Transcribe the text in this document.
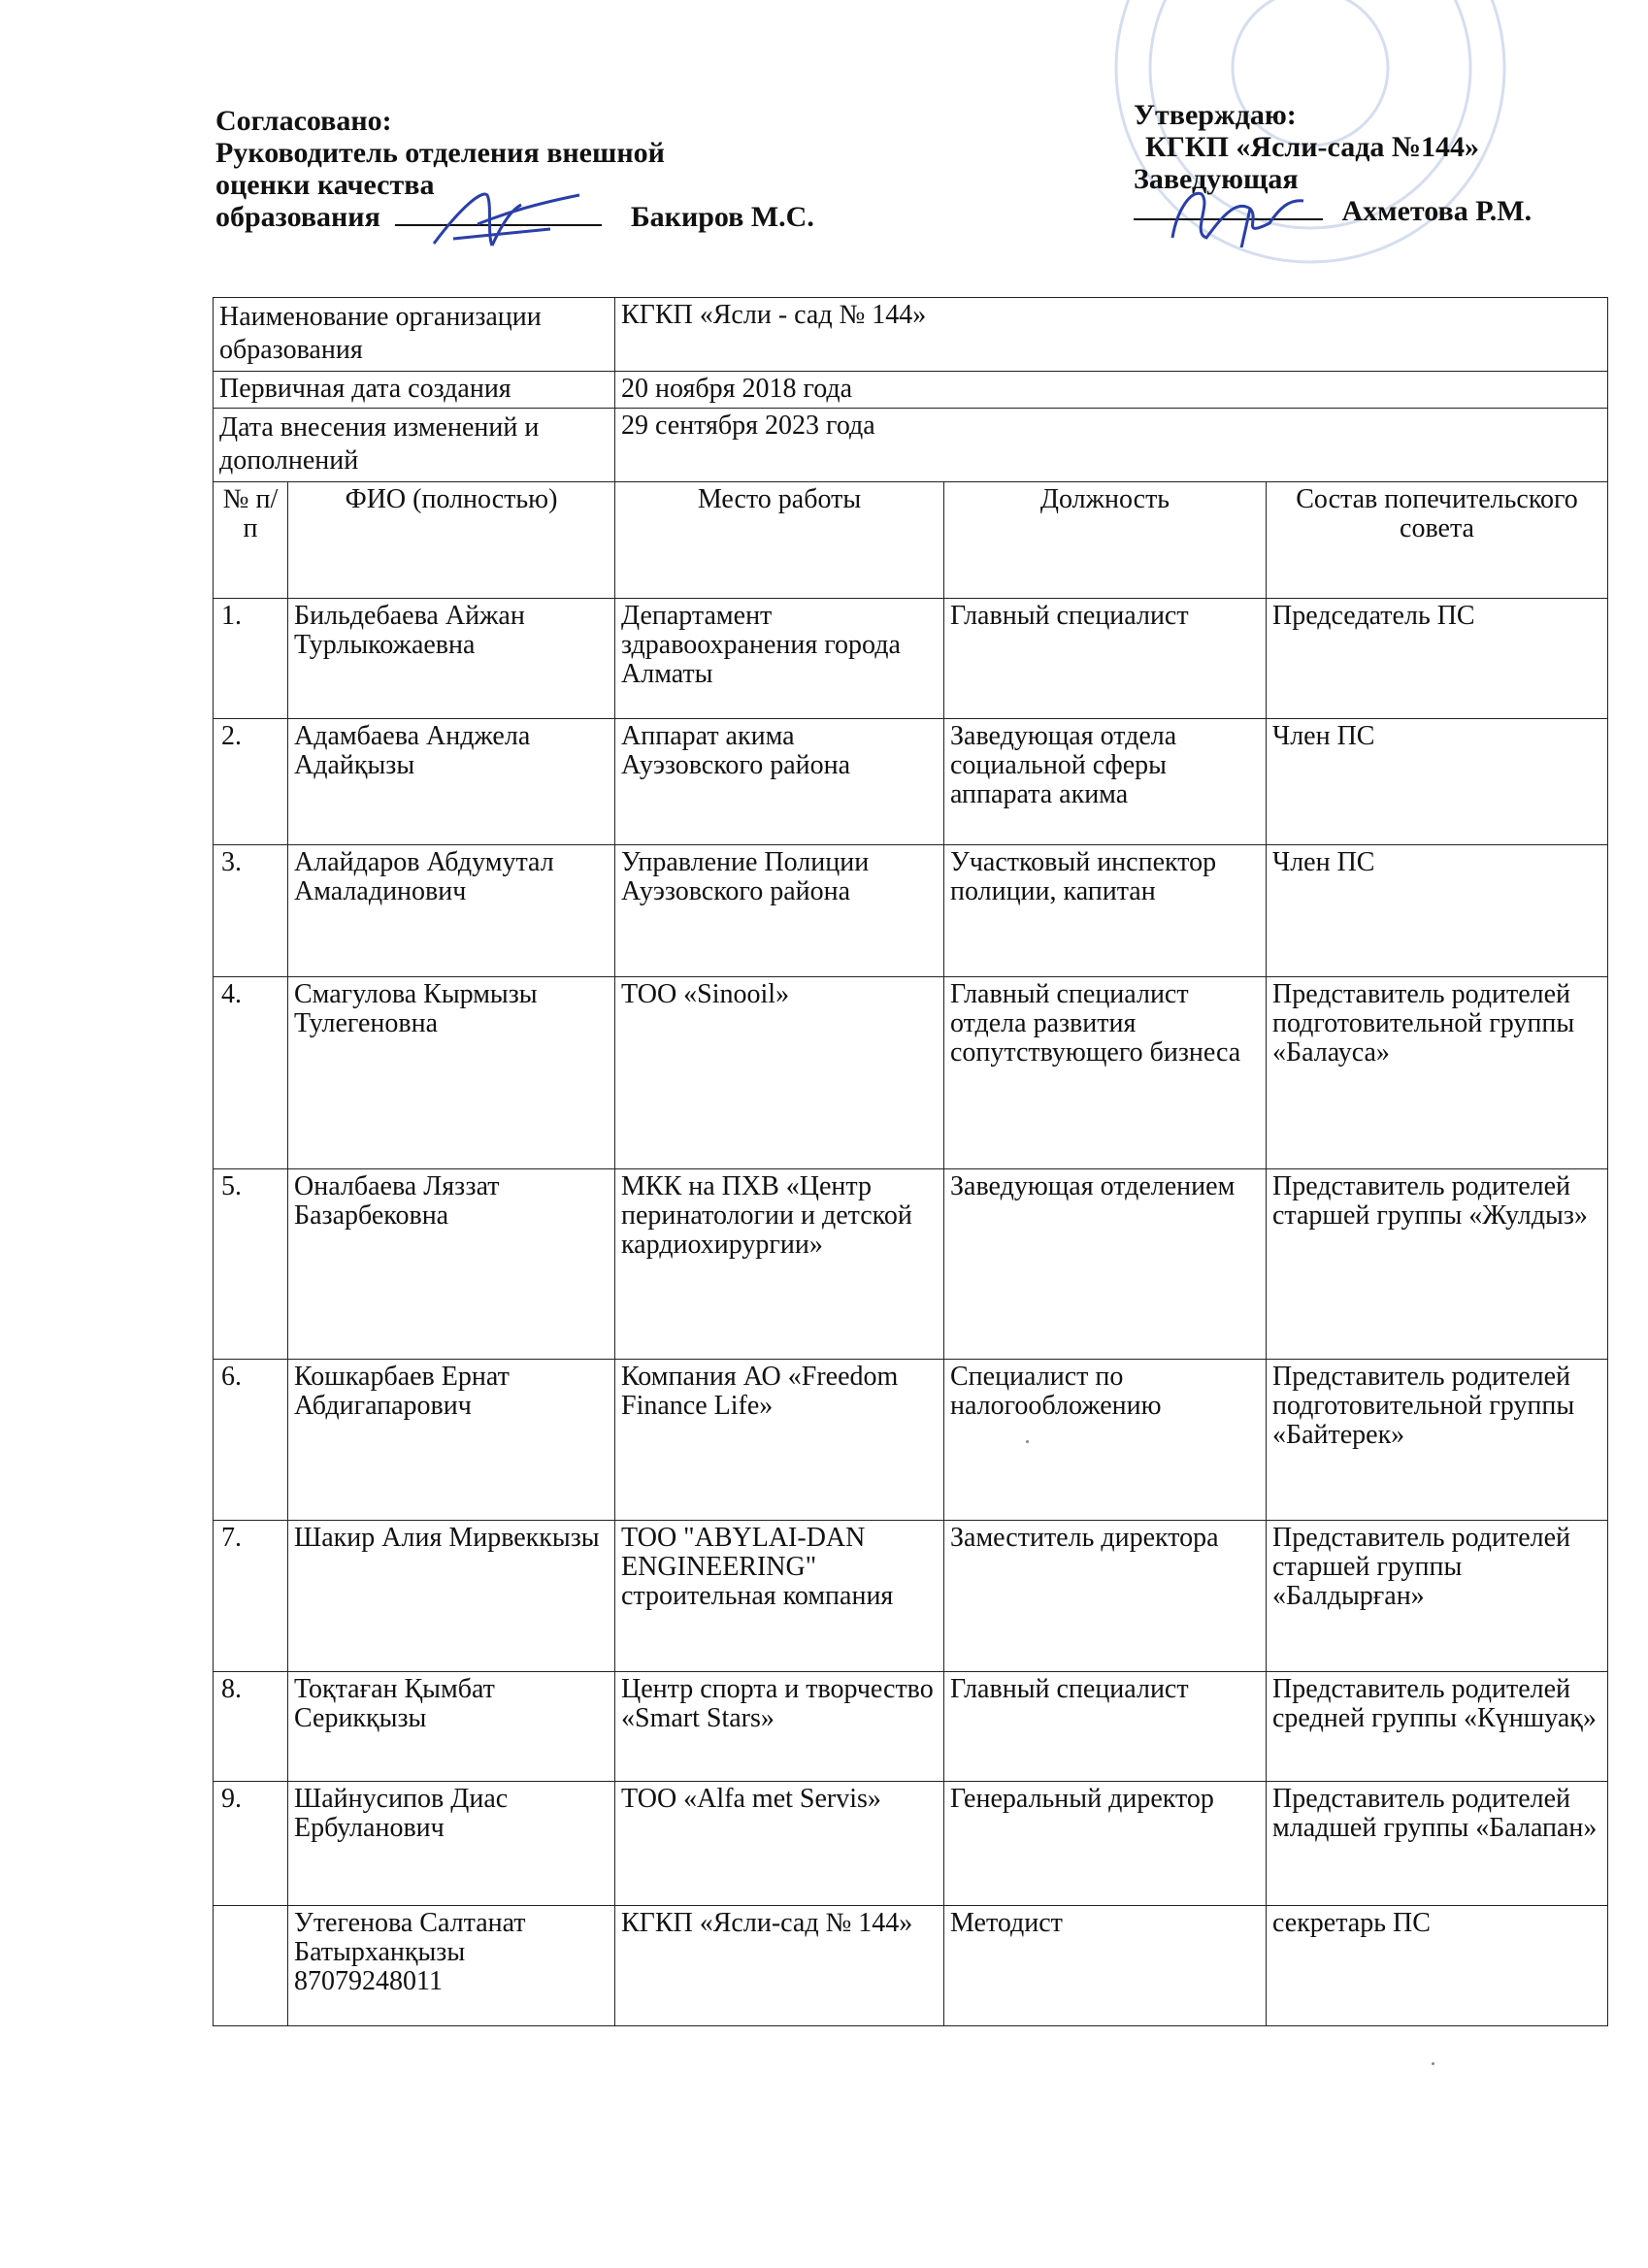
Согласовано:
Руководитель отделения внешной
оценки качества
образования	Бакиров М.С.
Утверждаю:
КГКП «Ясли-сада №144»
Заведующая
Ахметова Р.М.
Наименование организации образования		КГКП «Ясли - сад № 144»		
Первичная дата создания		20 ноября 2018 года		
Дата внесения изменений и дополнений		29 сентября 2023 года		
№ п/п	ФИО (полностью)	Место работы	Должность	Состав попечительского совета
1.	Бильдебаева Айжан Турлыкожаевна	Департамент здравоохранения города Алматы	Главный специалист	Председатель ПС
2.	Адамбаева Анджела Адайқызы	Аппарат акима Ауэзовского района	Заведующая отдела социальной сферы аппарата акима	Член ПС
3.	Алайдаров Абдумутал Амаладинович	Управление Полиции Ауэзовского района	Участковый инспектор полиции, капитан	Член ПС
4.	Смагулова Кырмызы Тулегеновна	ТОО «Sinooil»	Главный специалист отдела развития сопутствующего бизнеса	Представитель родителей подготовительной группы «Балауса»
5.	Оналбаева Ляззат Базарбековна	МКК на ПХВ «Центр перинатологии и детской кардиохирургии»	Заведующая отделением	Представитель родителей старшей группы «Жулдыз»
6.	Кошкарбаев Ернат Абдигапарович	Компания АО «Freedom Finance Life»	Специалист по налогообложению	Представитель родителей подготовительной группы «Байтерек»
7.	Шакир Алия Мирвеккызы	ТОО "ABYLAI-DAN ENGINEERING" строительная компания	Заместитель директора	Представитель родителей старшей группы «Балдырған»
8.	Тоқтаған Қымбат Серикқызы	Центр спорта и творчество «Smart Stars»	Главный специалист	Представитель родителей средней группы «Күншуақ»
9.	Шайнусипов Диас Ербуланович	ТОО «Alfa met Servis»	Генеральный директор	Представитель родителей младшей группы «Балапан»
	Утегенова Салтанат Батырханқызы 87079248011	КГКП «Ясли-сад № 144»	Методист	секретарь ПС
